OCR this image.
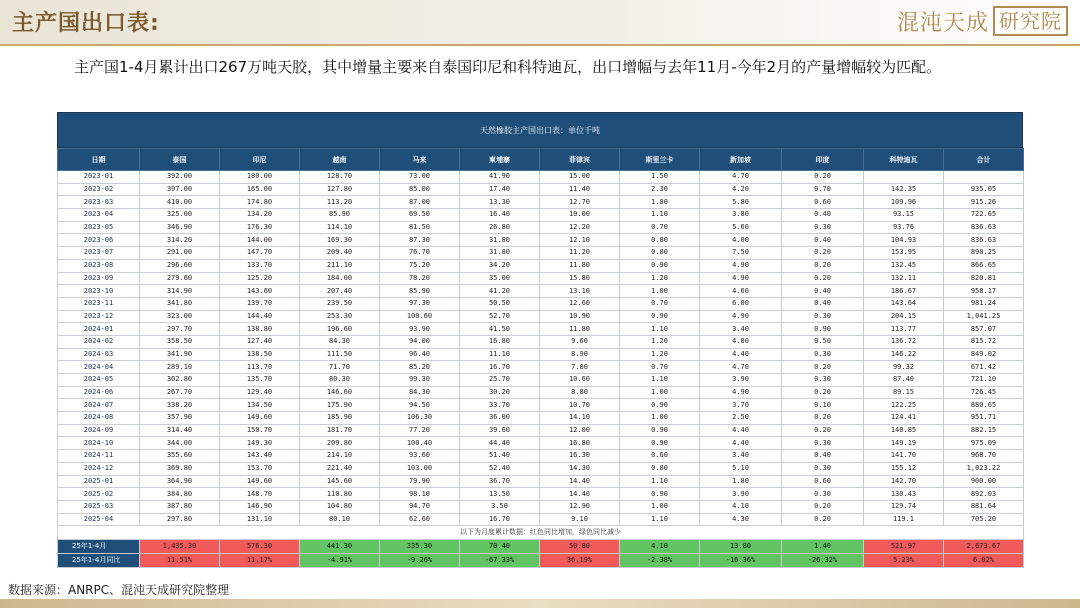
主产国出口表:	混沌天成 研究院
主产国1-4月累计出口267万吨天胶，其中增量主要来自泰国印尼和科特迪瓦，出口增幅与去年11月-今年2月的产量增幅较为匹配。
天然橡胶主产国出口表：单位千吨
日期	泰国	印尼	越南	马来	柬埔寨	菲律宾	斯里兰卡	新加坡	印度	科特迪瓦	合计
2023-01	392.00	180.00	128.70	73.00	41.90	15.00	1.50	4.70	0.20		
2023-02	397.00	165.00	127.80	85.00	17.40	11.40	2.30	4.20	0.70	142.35	935.05
2023-03	410.00	174.80	113.20	87.00	13.30	12.70	1.80	5.80	0.60	109.96	915.26
2023-04	325.00	134.20	85.90	69.50	16.40	10.00	1.10	3.80	0.40	93.15	722.65
2023-05	346.90	176.30	114.10	81.50	26.80	12.20	0.70	5.60	0.30	93.76	836.63
2023-06	314.20	144.00	169.30	87.30	31.80	12.10	0.80	4.00	0.40	104.93	836.63
2023-07	291.00	147.70	209.40	76.70	31.80	11.20	0.80	7.50	0.20	153.95	898.25
2023-08	296.60	133.70	211.10	75.20	34.20	11.80	0.90	4.90	0.20	132.45	866.65
2023-09	279.60	125.20	184.00	78.20	35.00	15.80	1.20	4.90	0.20	132.11	820.81
2023-10	314.90	143.60	207.40	85.90	41.20	13.10	1.00	4.60	0.40	186.67	958.17
2023-11	341.80	139.70	239.50	97.30	50.50	12.60	0.70	6.00	0.40	143.64	981.24
2023-12	323.00	144.40	253.30	100.60	52.70	10.90	0.90	4.90	0.30	204.15	1,041.25
2024-01	297.70	138.80	196.60	93.90	41.50	11.80	1.10	3.40	0.90	113.77	857.07
2024-02	358.50	127.40	84.30	94.00	16.80	9.60	1.20	4.00	0.50	136.72	815.72
2024-03	341.90	138.50	111.50	96.40	11.10	8.90	1.20	4.40	0.30	146.22	849.02
2024-04	289.10	113.70	71.70	85.20	16.70	7.00	0.70	4.70	0.20	99.32	671.42
2024-05	302.80	135.70	80.30	99.30	25.70	10.60	1.10	3.90	0.30	87.40	721.10
2024-06	267.70	129.40	146.60	84.30	30.20	8.80	1.00	4.90	0.20	89.15	726.45
2024-07	338.20	134.50	175.90	94.50	33.70	10.70	0.90	3.70	0.10	122.25	880.65
2024-08	357.90	149.60	185.90	106.30	36.00	14.10	1.00	2.50	0.20	124.41	951.71
2024-09	314.40	150.70	181.70	77.20	39.60	12.00	0.90	4.40	0.20	140.85	882.15
2024-10	344.00	149.30	209.80	100.40	44.40	16.80	0.90	4.40	0.30	149.19	975.09
2024-11	355.60	143.40	214.10	93.60	51.40	16.30	0.60	3.40	0.40	141.70	968.70
2024-12	369.80	153.70	221.40	103.00	52.40	14.30	0.80	5.10	0.30	155.12	1,023.22
2025-01	364.90	149.60	145.60	79.90	36.70	14.40	1.10	1.80	0.60	142.70	900.00
2025-02	384.80	148.70	110.80	98.10	13.50	14.40	0.90	3.90	0.30	130.43	892.03
2025-03	387.80	146.90	104.80	94.70	3.50	12.90	1.00	4.10	0.20	129.74	881.64
2025-04	297.80	131.10	80.10	62.60	16.70	9.10	1.10	4.30	0.20	119.1	705.20
以下为月度累计数据：红色同比增加，绿色同比减少											
25年1-4月	1,435.30	576.30	441.30	335.30	70.40	50.80	4.10	13.80	1.40	521.97	2,673.67
25年1-4月同比	11.51%	11.17%	-4.91%	-9.26%	-67.33%	36.19%	-2.38%	-16.36%	-26.32%	5.23%	6.02%
数据来源：ANRPC、混沌天成研究院整理
